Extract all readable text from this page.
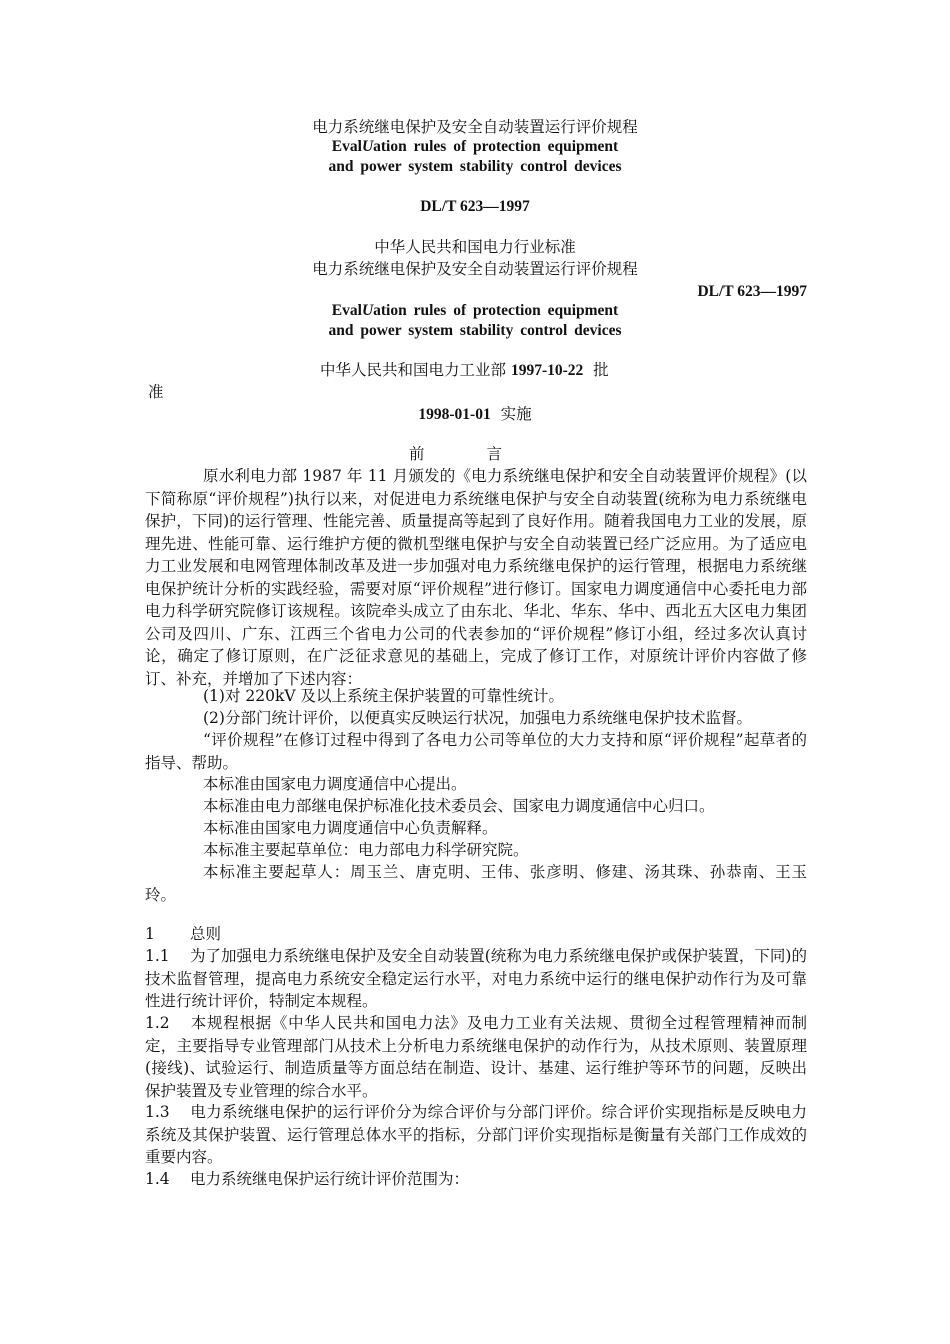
电力系统继电保护及安全自动装置运行评价规程
EvalUation rules of protection equipment
and power system stability control devices
DL/T 623—1997
中华人民共和国电力行业标准
电力系统继电保护及安全自动装置运行评价规程
DL/T 623—1997
EvalUation rules of protection equipment
and power system stability control devices
中华人民共和国电力工业部 1997-10-22 批
准
1998-01-01 实施
前　　　　言
原水利电力部 1987 年 11 月颁发的《电力系统继电保护和安全自动装置评价规程》(以下简称原“评价规程”)执行以来，对促进电力系统继电保护与安全自动装置(统称为电力系统继电保护，下同)的运行管理、性能完善、质量提高等起到了良好作用。随着我国电力工业的发展，原理先进、性能可靠、运行维护方便的微机型继电保护与安全自动装置已经广泛应用。为了适应电力工业发展和电网管理体制改革及进一步加强对电力系统继电保护的运行管理，根据电力系统继电保护统计分析的实践经验，需要对原“评价规程”进行修订。国家电力调度通信中心委托电力部电力科学研究院修订该规程。该院牵头成立了由东北、华北、华东、华中、西北五大区电力集团公司及四川、广东、江西三个省电力公司的代表参加的“评价规程”修订小组，经过多次认真讨论，确定了修订原则，在广泛征求意见的基础上，完成了修订工作，对原统计评价内容做了修订、补充，并增加了下述内容：
(1)对 220kV 及以上系统主保护装置的可靠性统计。
(2)分部门统计评价，以便真实反映运行状况，加强电力系统继电保护技术监督。
“评价规程”在修订过程中得到了各电力公司等单位的大力支持和原“评价规程”起草者的指导、帮助。
本标准由国家电力调度通信中心提出。
本标准由电力部继电保护标准化技术委员会、国家电力调度通信中心归口。
本标准由国家电力调度通信中心负责解释。
本标准主要起草单位：电力部电力科学研究院。
本标准主要起草人：周玉兰、唐克明、王伟、张彦明、修建、汤其珠、孙恭南、王玉玲。
1 总则
1.1 为了加强电力系统继电保护及安全自动装置(统称为电力系统继电保护或保护装置，下同)的技术监督管理，提高电力系统安全稳定运行水平，对电力系统中运行的继电保护动作行为及可靠性进行统计评价，特制定本规程。
1.2 本规程根据《中华人民共和国电力法》及电力工业有关法规、贯彻全过程管理精神而制定，主要指导专业管理部门从技术上分析电力系统继电保护的动作行为，从技术原则、装置原理(接线)、试验运行、制造质量等方面总结在制造、设计、基建、运行维护等环节的问题，反映出保护装置及专业管理的综合水平。
1.3 电力系统继电保护的运行评价分为综合评价与分部门评价。综合评价实现指标是反映电力系统及其保护装置、运行管理总体水平的指标，分部门评价实现指标是衡量有关部门工作成效的重要内容。
1.4 电力系统继电保护运行统计评价范围为：
